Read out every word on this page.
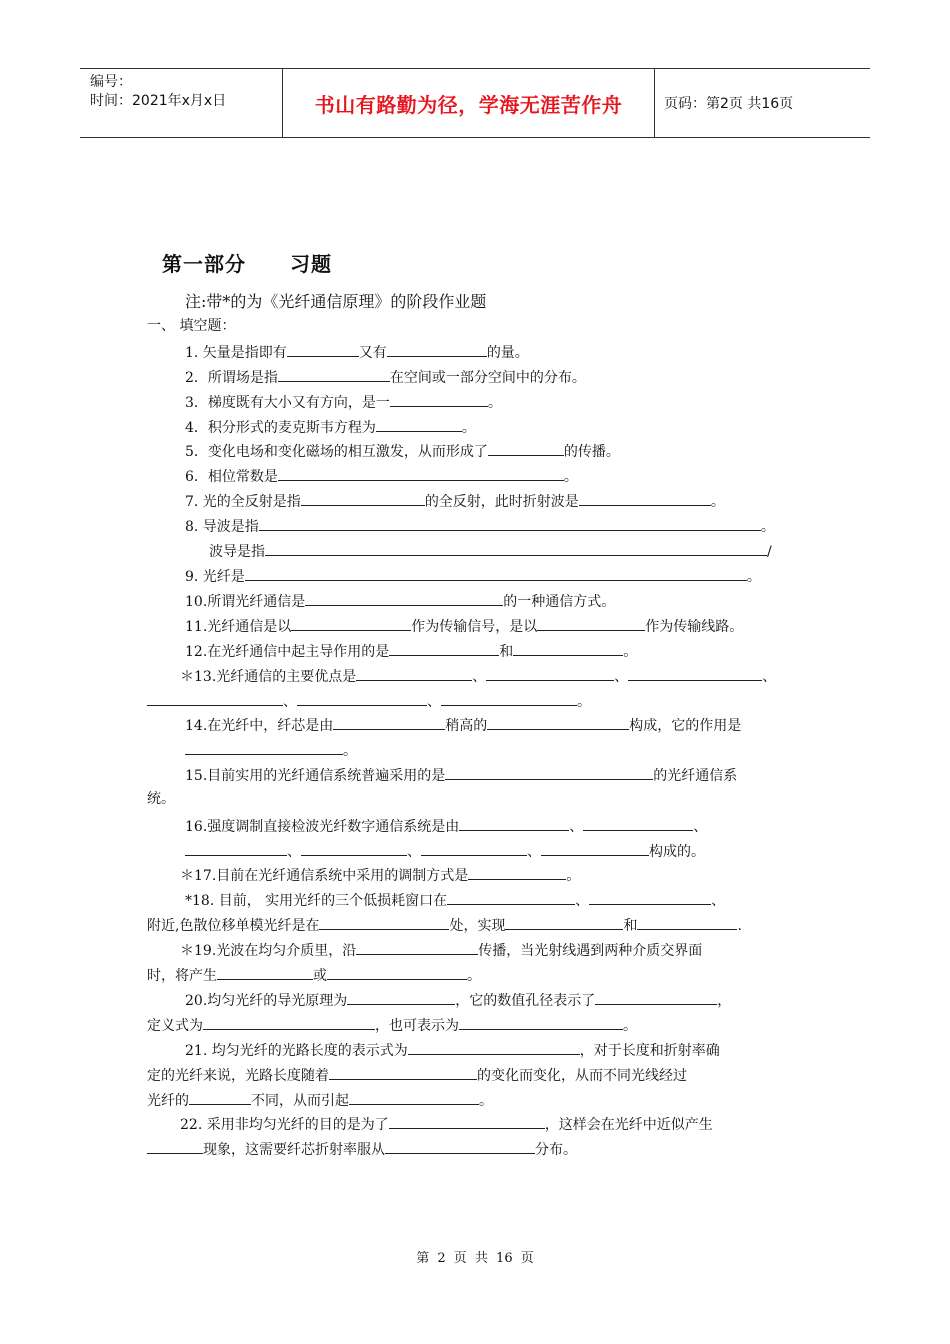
编号：
时间：2021年x月x日	书山有路勤为径，学海无涯苦作舟	页码：第2页 共16页
第一部分 习题
注:带*的为《光纤通信原理》的阶段作业题
一、 填空题：
1. 矢量是指即有	又有	的量。
2．所谓场是指	在空间或一部分空间中的分布。
3．梯度既有大小又有方向，是一	。
4．积分形式的麦克斯韦方程为	。
5．变化电场和变化磁场的相互激发，从而形成了	的传播。
6．相位常数是	。
7. 光的全反射是指	的全反射，此时折射波是	。
8. 导波是指	。
波导是指	/
9. 光纤是	。
10.所谓光纤通信是	的一种通信方式。
11.光纤通信是以	作为传输信号，是以	作为传输线路。
12.在光纤通信中起主导作用的是	和	。
＊13.光纤通信的主要优点是	、	、	、
、	、	。
14.在光纤中，纤芯是由	稍高的	构成，它的作用是
。
15.目前实用的光纤通信系统普遍采用的是	的光纤通信系
统。
16.强度调制直接检波光纤数字通信系统是由	、	、
、	、	、	构成的。
＊17.目前在光纤通信系统中采用的调制方式是	。
*18. 目前， 实用光纤的三个低损耗窗口在	、	、
附近,色散位移单模光纤是在	处，实现	和	.
＊19.光波在均匀介质里，沿	传播，当光射线遇到两种介质交界面
时，将产生	或	。
20.均匀光纤的导光原理为	，它的数值孔径表示了	，
定义式为	，也可表示为	。
21. 均匀光纤的光路长度的表示式为	，对于长度和折射率确
定的光纤来说，光路长度随着	的变化而变化，从而不同光线经过
光纤的	不同，从而引起	。
22. 采用非均匀光纤的目的是为了	，这样会在光纤中近似产生
现象，这需要纤芯折射率服从	分布。
第 2 页 共 16 页
